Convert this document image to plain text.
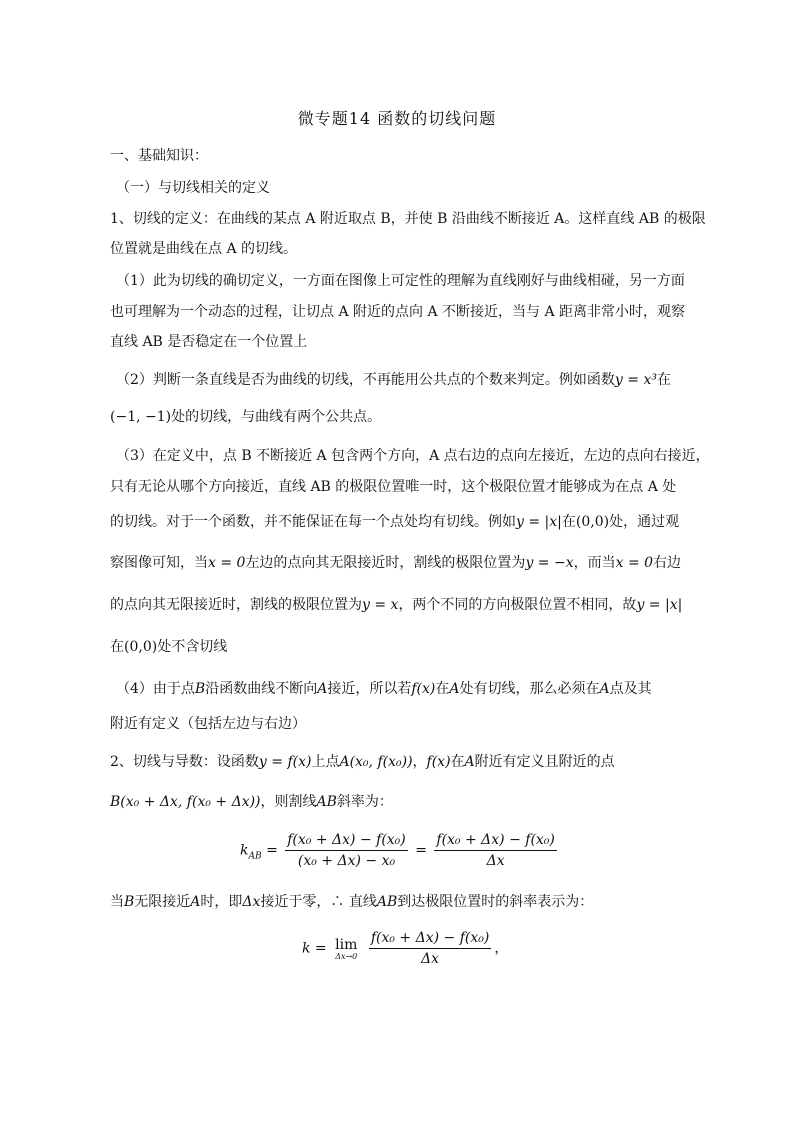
微专题14 函数的切线问题
一、基础知识：
（一）与切线相关的定义
1、切线的定义：在曲线的某点 A 附近取点 B，并使 B 沿曲线不断接近 A。这样直线 AB 的极限
位置就是曲线在点 A 的切线。
（1）此为切线的确切定义，一方面在图像上可定性的理解为直线刚好与曲线相碰，另一方面
也可理解为一个动态的过程，让切点 A 附近的点向 A 不断接近，当与 A 距离非常小时，观察
直线 AB 是否稳定在一个位置上
（2）判断一条直线是否为曲线的切线，不再能用公共点的个数来判定。例如函数y = x³在
(−1, −1)处的切线，与曲线有两个公共点。
（3）在定义中，点 B 不断接近 A 包含两个方向，A 点右边的点向左接近，左边的点向右接近，
只有无论从哪个方向接近，直线 AB 的极限位置唯一时，这个极限位置才能够成为在点 A 处
的切线。对于一个函数，并不能保证在每一个点处均有切线。例如y = |x|在(0,0)处，通过观
察图像可知，当x = 0左边的点向其无限接近时，割线的极限位置为y = −x，而当x = 0右边
的点向其无限接近时，割线的极限位置为y = x，两个不同的方向极限位置不相同，故y = |x|
在(0,0)处不含切线
（4）由于点B沿函数曲线不断向A接近，所以若f(x)在A处有切线，那么必须在A点及其
附近有定义（包括左边与右边）
2、切线与导数：设函数y = f(x)上点A(x₀, f(x₀))，f(x)在A附近有定义且附近的点
B(x₀ + Δx, f(x₀ + Δx))，则割线AB斜率为：
$k_{AB} = \frac{\text{f(x₀ + Δx) − f(x₀)}}{\text{(x₀ + Δx) − x₀}} = \frac{\text{f(x₀ + Δx) − f(x₀)}}{\Delta x}$
当B无限接近A时，即Δx接近于零，∴ 直线AB到达极限位置时的斜率表示为：
k = lim
Δx→0
$\frac{\text{f(x₀ + Δx) − f(x₀)}}{\Delta x}$ ，
